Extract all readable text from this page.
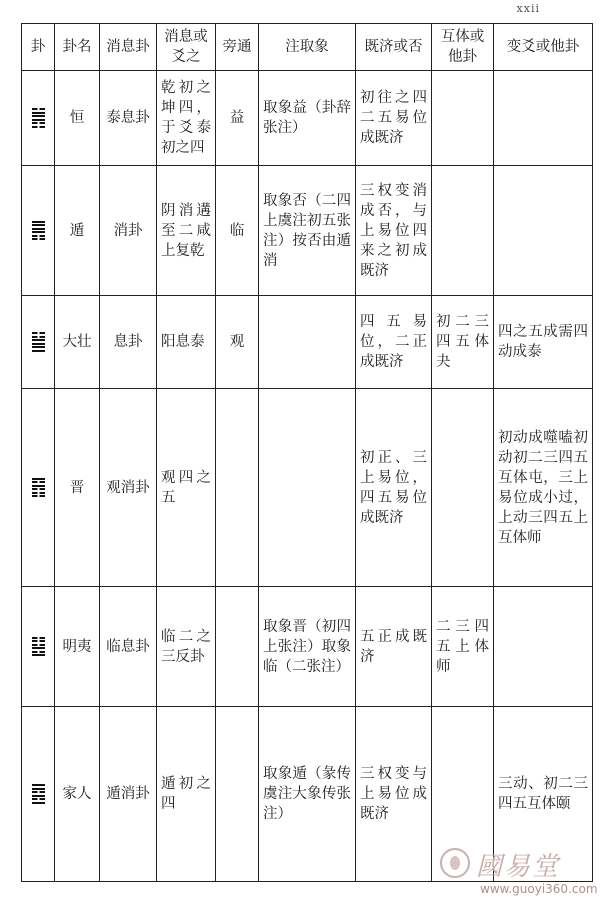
xxii
卦	卦名	消息卦	消息或爻之	旁通	注取象	既济或否	互体或他卦	变爻或他卦

	恒	泰息卦	乾初之坤四，于爻泰初之四	益	取象益（卦辞张注）	初往之四二五易位成既济		

	遁	消卦	阴消遘至二咸上复乾	临	取象否（二四上虞注初五张注）按否由遁消	三权变消成否，与上易位四来之初成既济		

	大壮	息卦	阳息泰	观		四五易位，二正成既济	初二三四五体夬	四之五成需四动成泰

	晋	观消卦	观四之五			初正、三上易位，四五易位成既济		初动成噬嗑初动初二三四五互体屯，三上易位成小过，上动三四五上互体师

	明夷	临息卦	临二之三反卦		取象晋（初四上张注）取象临（二张注）	五正成既济	二三四五上体师	

	家人	遁消卦	遁初之四		取象遁（彖传虞注大象传张注）	三权变与上易位成既济		三动、初二三四五互体颐
國易堂
www.guoyi360.com
